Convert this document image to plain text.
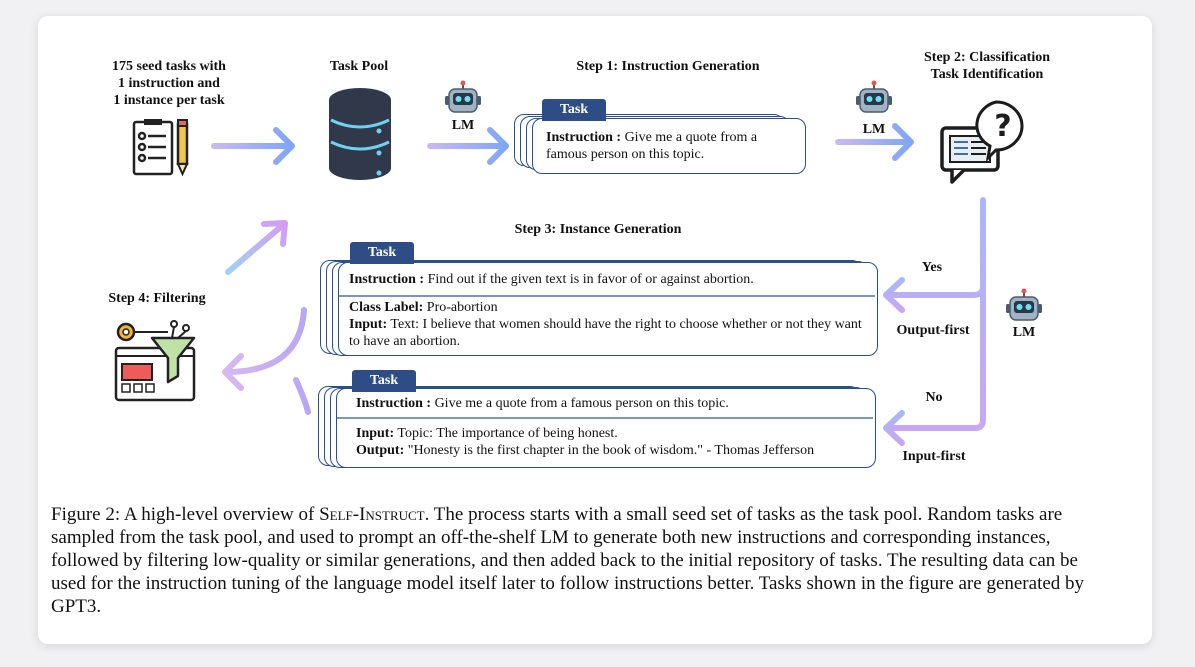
175 seed tasks with
1 instruction and
1 instance per task
Task Pool
LM	LM
LM
Step 1: Instruction Generation
Task
Instruction : Give me a quote from a famous person on this topic.
Step 2: Classification
Task Identification
?
Step 3: Instance Generation
Task
Instruction : Find out if the given text is in favor of or against abortion.
Class Label: Pro-abortion
Input: Text: I believe that women should have the right to choose whether or not they want to have an abortion.
Task
Instruction : Give me a quote from a famous person on this topic.
Input: Topic: The importance of being honest.
Output: "Honesty is the first chapter in the book of wisdom." - Thomas Jefferson
Yes
Output-first
No
Input-first
Step 4: Filtering
Figure 2: A high-level overview of Self-Instruct. The process starts with a small seed set of tasks as the task pool. Random tasks are sampled from the task pool, and used to prompt an off-the-shelf LM to generate both new instructions and corresponding instances, followed by filtering low-quality or similar generations, and then added back to the initial repository of tasks. The resulting data can be used for the instruction tuning of the language model itself later to follow instructions better. Tasks shown in the figure are generated by GPT3.
